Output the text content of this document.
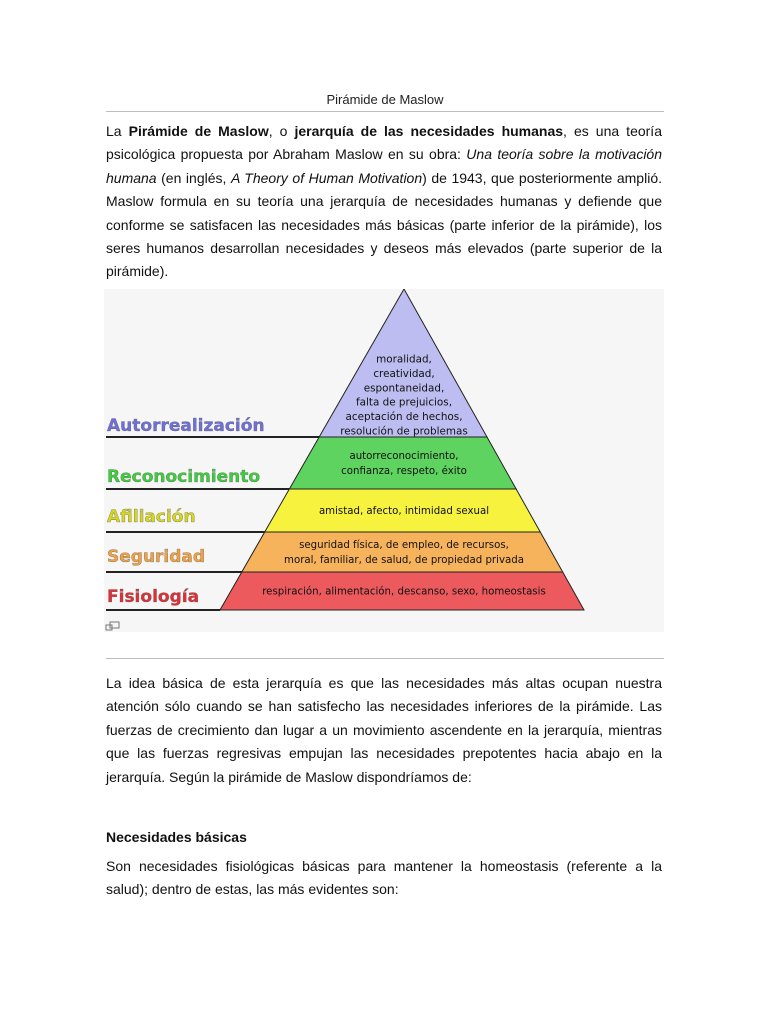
Pirámide de Maslow
La Pirámide de Maslow, o jerarquía de las necesidades humanas, es una teoría psicológica propuesta por Abraham Maslow en su obra: Una teoría sobre la motivación humana (en inglés, A Theory of Human Motivation) de 1943, que posteriormente amplió. Maslow formula en su teoría una jerarquía de necesidades humanas y defiende que conforme se satisfacen las necesidades más básicas (parte inferior de la pirámide), los seres humanos desarrollan necesidades y deseos más elevados (parte superior de la pirámide).
Autorrealización
moralidad,
creatividad,
espontaneidad,
falta de prejuicios,
aceptación de hechos,
resolución de problemas
Reconocimiento
autorreconocimiento,
confianza, respeto, éxito
Afiliación	amistad, afecto, intimidad sexual
Seguridad
seguridad física, de empleo, de recursos,
moral, familiar, de salud, de propiedad privada
Fisiología	respiración, alimentación, descanso, sexo, homeostasis
La idea básica de esta jerarquía es que las necesidades más altas ocupan nuestra atención sólo cuando se han satisfecho las necesidades inferiores de la pirámide. Las fuerzas de crecimiento dan lugar a un movimiento ascendente en la jerarquía, mientras que las fuerzas regresivas empujan las necesidades prepotentes hacia abajo en la jerarquía. Según la pirámide de Maslow dispondríamos de:
Necesidades básicas
Son necesidades fisiológicas básicas para mantener la homeostasis (referente a la salud); dentro de estas, las más evidentes son:
